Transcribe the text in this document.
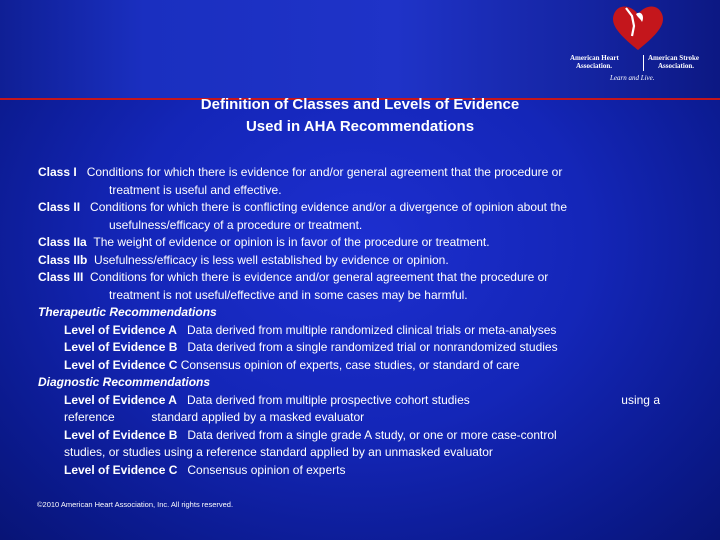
American Heart
Association.
American Stroke
Association.
Learn and Live.
Definition of Classes and Levels of Evidence
Used in AHA Recommendations
Class I Conditions for which there is evidence for and/or general agreement that the procedure or
treatment is useful and effective.
Class II Conditions for which there is conflicting evidence and/or a divergence of opinion about the
usefulness/efficacy of a procedure or treatment.
Class IIa The weight of evidence or opinion is in favor of the procedure or treatment.
Class IIb Usefulness/efficacy is less well established by evidence or opinion.
Class III Conditions for which there is evidence and/or general agreement that the procedure or
treatment is not useful/effective and in some cases may be harmful.
Therapeutic Recommendations
Level of Evidence A Data derived from multiple randomized clinical trials or meta-analyses
Level of Evidence B Data derived from a single randomized trial or nonrandomized studies
Level of Evidence C Consensus opinion of experts, case studies, or standard of care
Diagnostic Recommendations
Level of Evidence A Data derived from multiple prospective cohort studies	using a
reference           standard applied by a masked evaluator
Level of Evidence B Data derived from a single grade A study, or one or more case-control
studies, or studies using a reference standard applied by an unmasked evaluator
Level of Evidence C Consensus opinion of experts
©2010 American Heart Association, Inc. All rights reserved.
